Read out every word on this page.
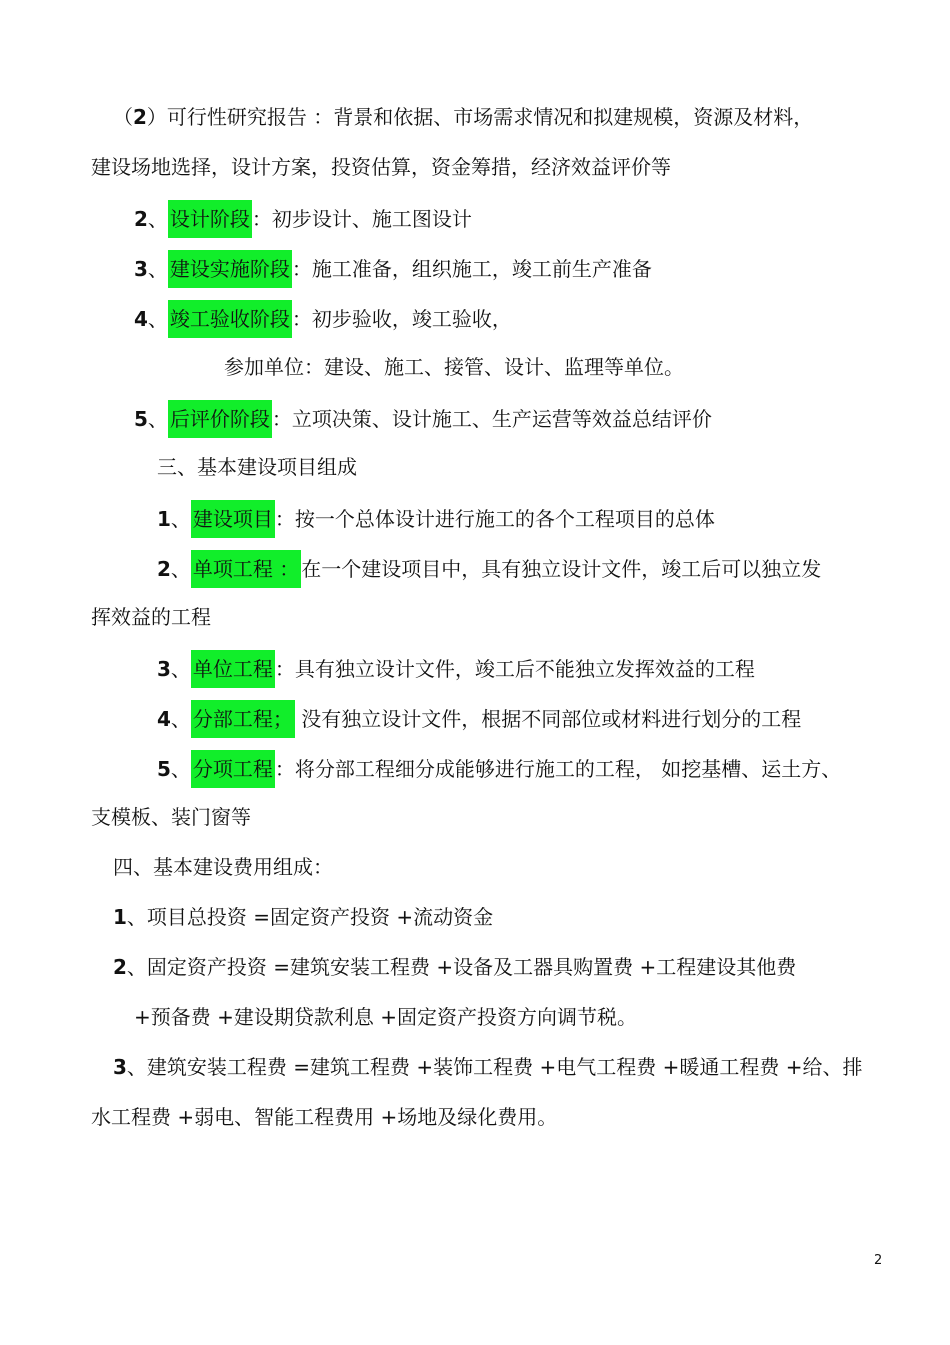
（2）可行性研究报告 ：背景和依据、市场需求情况和拟建规模，资源及材料，
建设场地选择，设计方案，投资估算，资金筹措，经济效益评价等
2、 设计阶段 ：初步设计、施工图设计
3、 建设实施阶段 ：施工准备，组织施工，竣工前生产准备
4、 竣工验收阶段 ：初步验收，竣工验收，
参加单位：建设、施工、接管、设计、监理等单位。
5、 后评价阶段 ：立项决策、设计施工、生产运营等效益总结评价
三、基本建设项目组成
1、 建设项目 ：按一个总体设计进行施工的各个工程项目的总体
2、 单项工程 ： 在一个建设项目中，具有独立设计文件，竣工后可以独立发
挥效益的工程
3、 单位工程 ：具有独立设计文件，竣工后不能独立发挥效益的工程
4、 分部工程； 没有独立设计文件，根据不同部位或材料进行划分的工程
5、 分项工程 ：将分部工程细分成能够进行施工的工程， 如挖基槽、运土方、
支模板、装门窗等
四、基本建设费用组成：
1、项目总投资 =固定资产投资 +流动资金
2、固定资产投资 =建筑安装工程费 +设备及工器具购置费 +工程建设其他费
+预备费 +建设期贷款利息 +固定资产投资方向调节税。
3、建筑安装工程费 =建筑工程费 +装饰工程费 +电气工程费 +暖通工程费 +给、排
水工程费 +弱电、智能工程费用 +场地及绿化费用。
2
